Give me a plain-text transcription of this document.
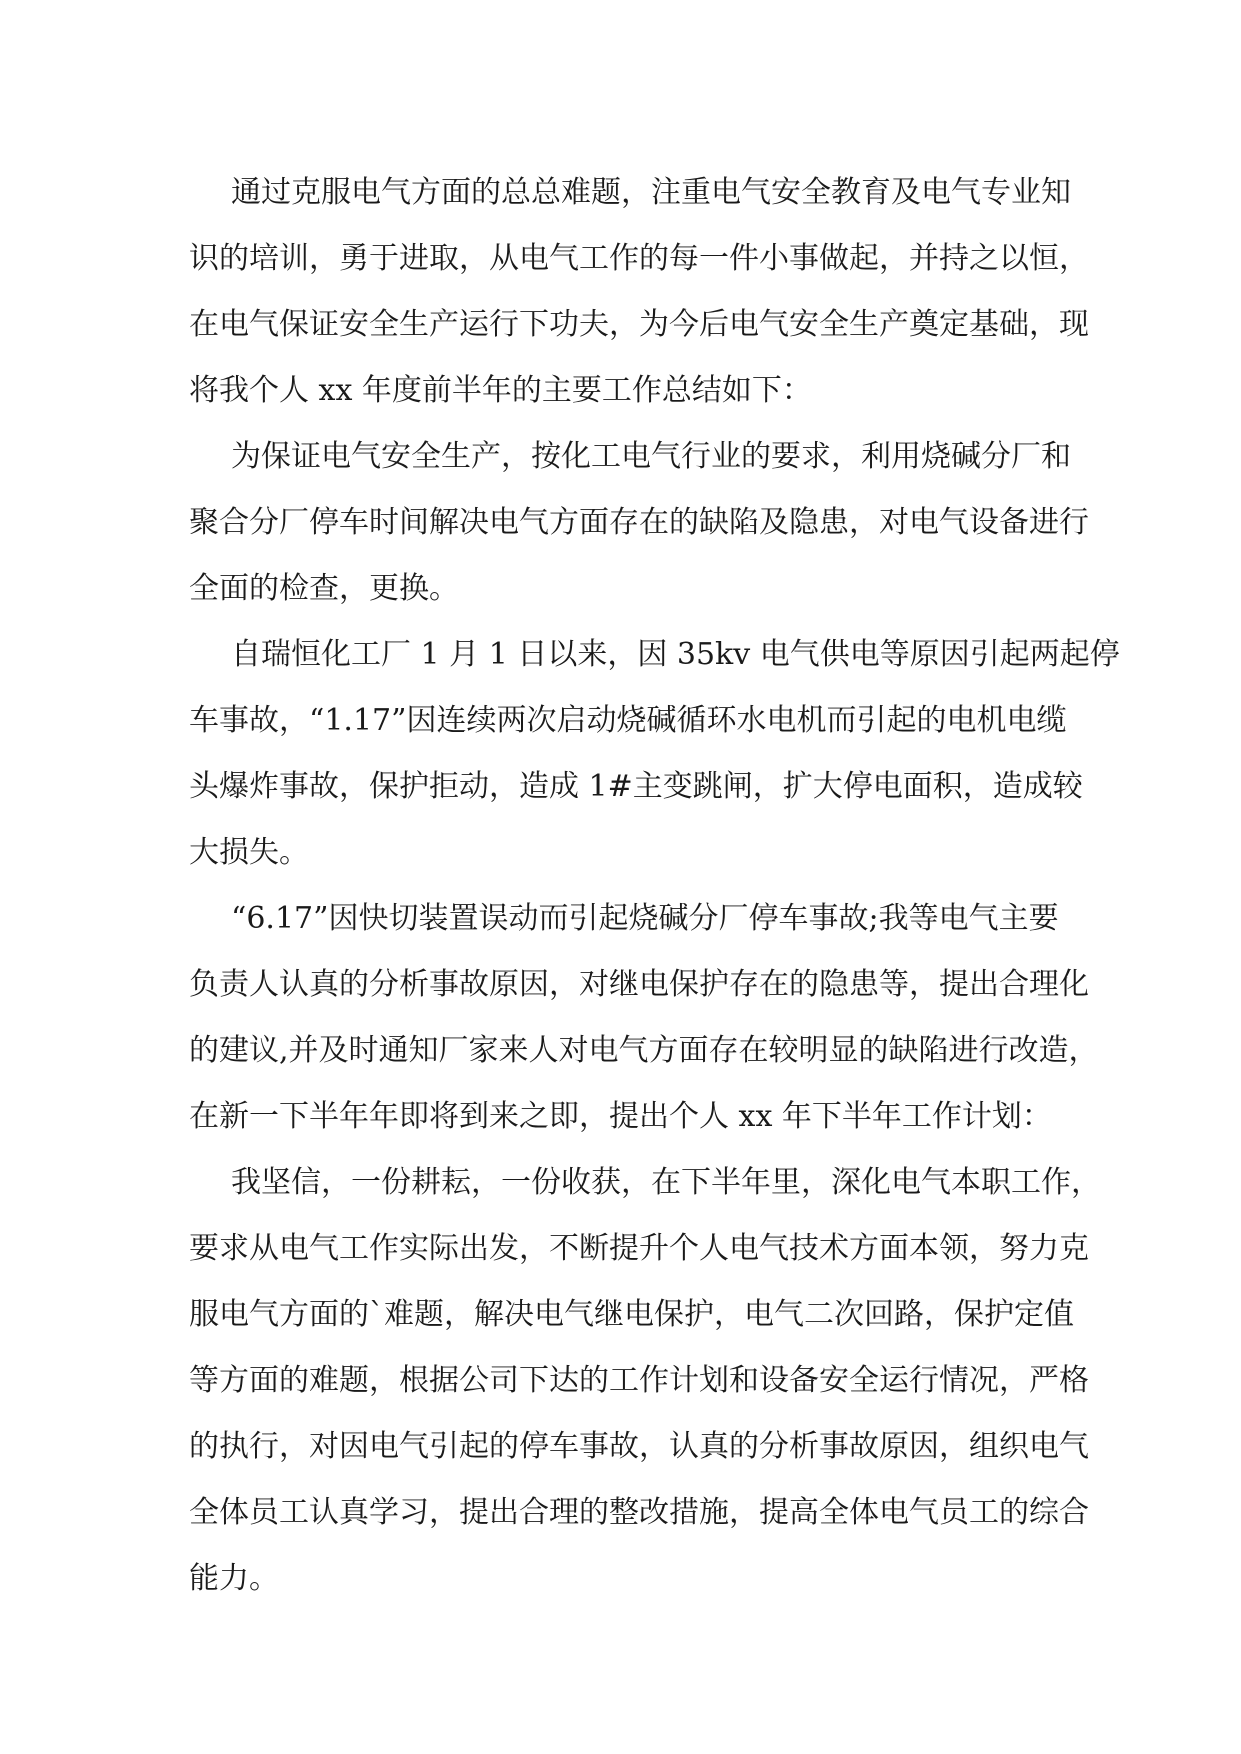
通过克服电气方面的总总难题，注重电气安全教育及电气专业知
识的培训，勇于进取，从电气工作的每一件小事做起，并持之以恒，
在电气保证安全生产运行下功夫，为今后电气安全生产奠定基础，现
将我个人 xx 年度前半年的主要工作总结如下：
为保证电气安全生产，按化工电气行业的要求，利用烧碱分厂和
聚合分厂停车时间解决电气方面存在的缺陷及隐患，对电气设备进行
全面的检查，更换。
自瑞恒化工厂 1 月 1 日以来，因 35kv 电气供电等原因引起两起停
车事故，“1.17”因连续两次启动烧碱循环水电机而引起的电机电缆
头爆炸事故，保护拒动，造成 1#主变跳闸，扩大停电面积，造成较
大损失。
“6.17”因快切装置误动而引起烧碱分厂停车事故;我等电气主要
负责人认真的分析事故原因，对继电保护存在的隐患等，提出合理化
的建议,并及时通知厂家来人对电气方面存在较明显的缺陷进行改造，
在新一下半年年即将到来之即，提出个人 xx 年下半年工作计划：
我坚信，一份耕耘，一份收获，在下半年里，深化电气本职工作，
要求从电气工作实际出发，不断提升个人电气技术方面本领，努力克
服电气方面的`难题，解决电气继电保护，电气二次回路，保护定值
等方面的难题，根据公司下达的工作计划和设备安全运行情况，严格
的执行，对因电气引起的停车事故，认真的分析事故原因，组织电气
全体员工认真学习，提出合理的整改措施，提高全体电气员工的综合
能力。
